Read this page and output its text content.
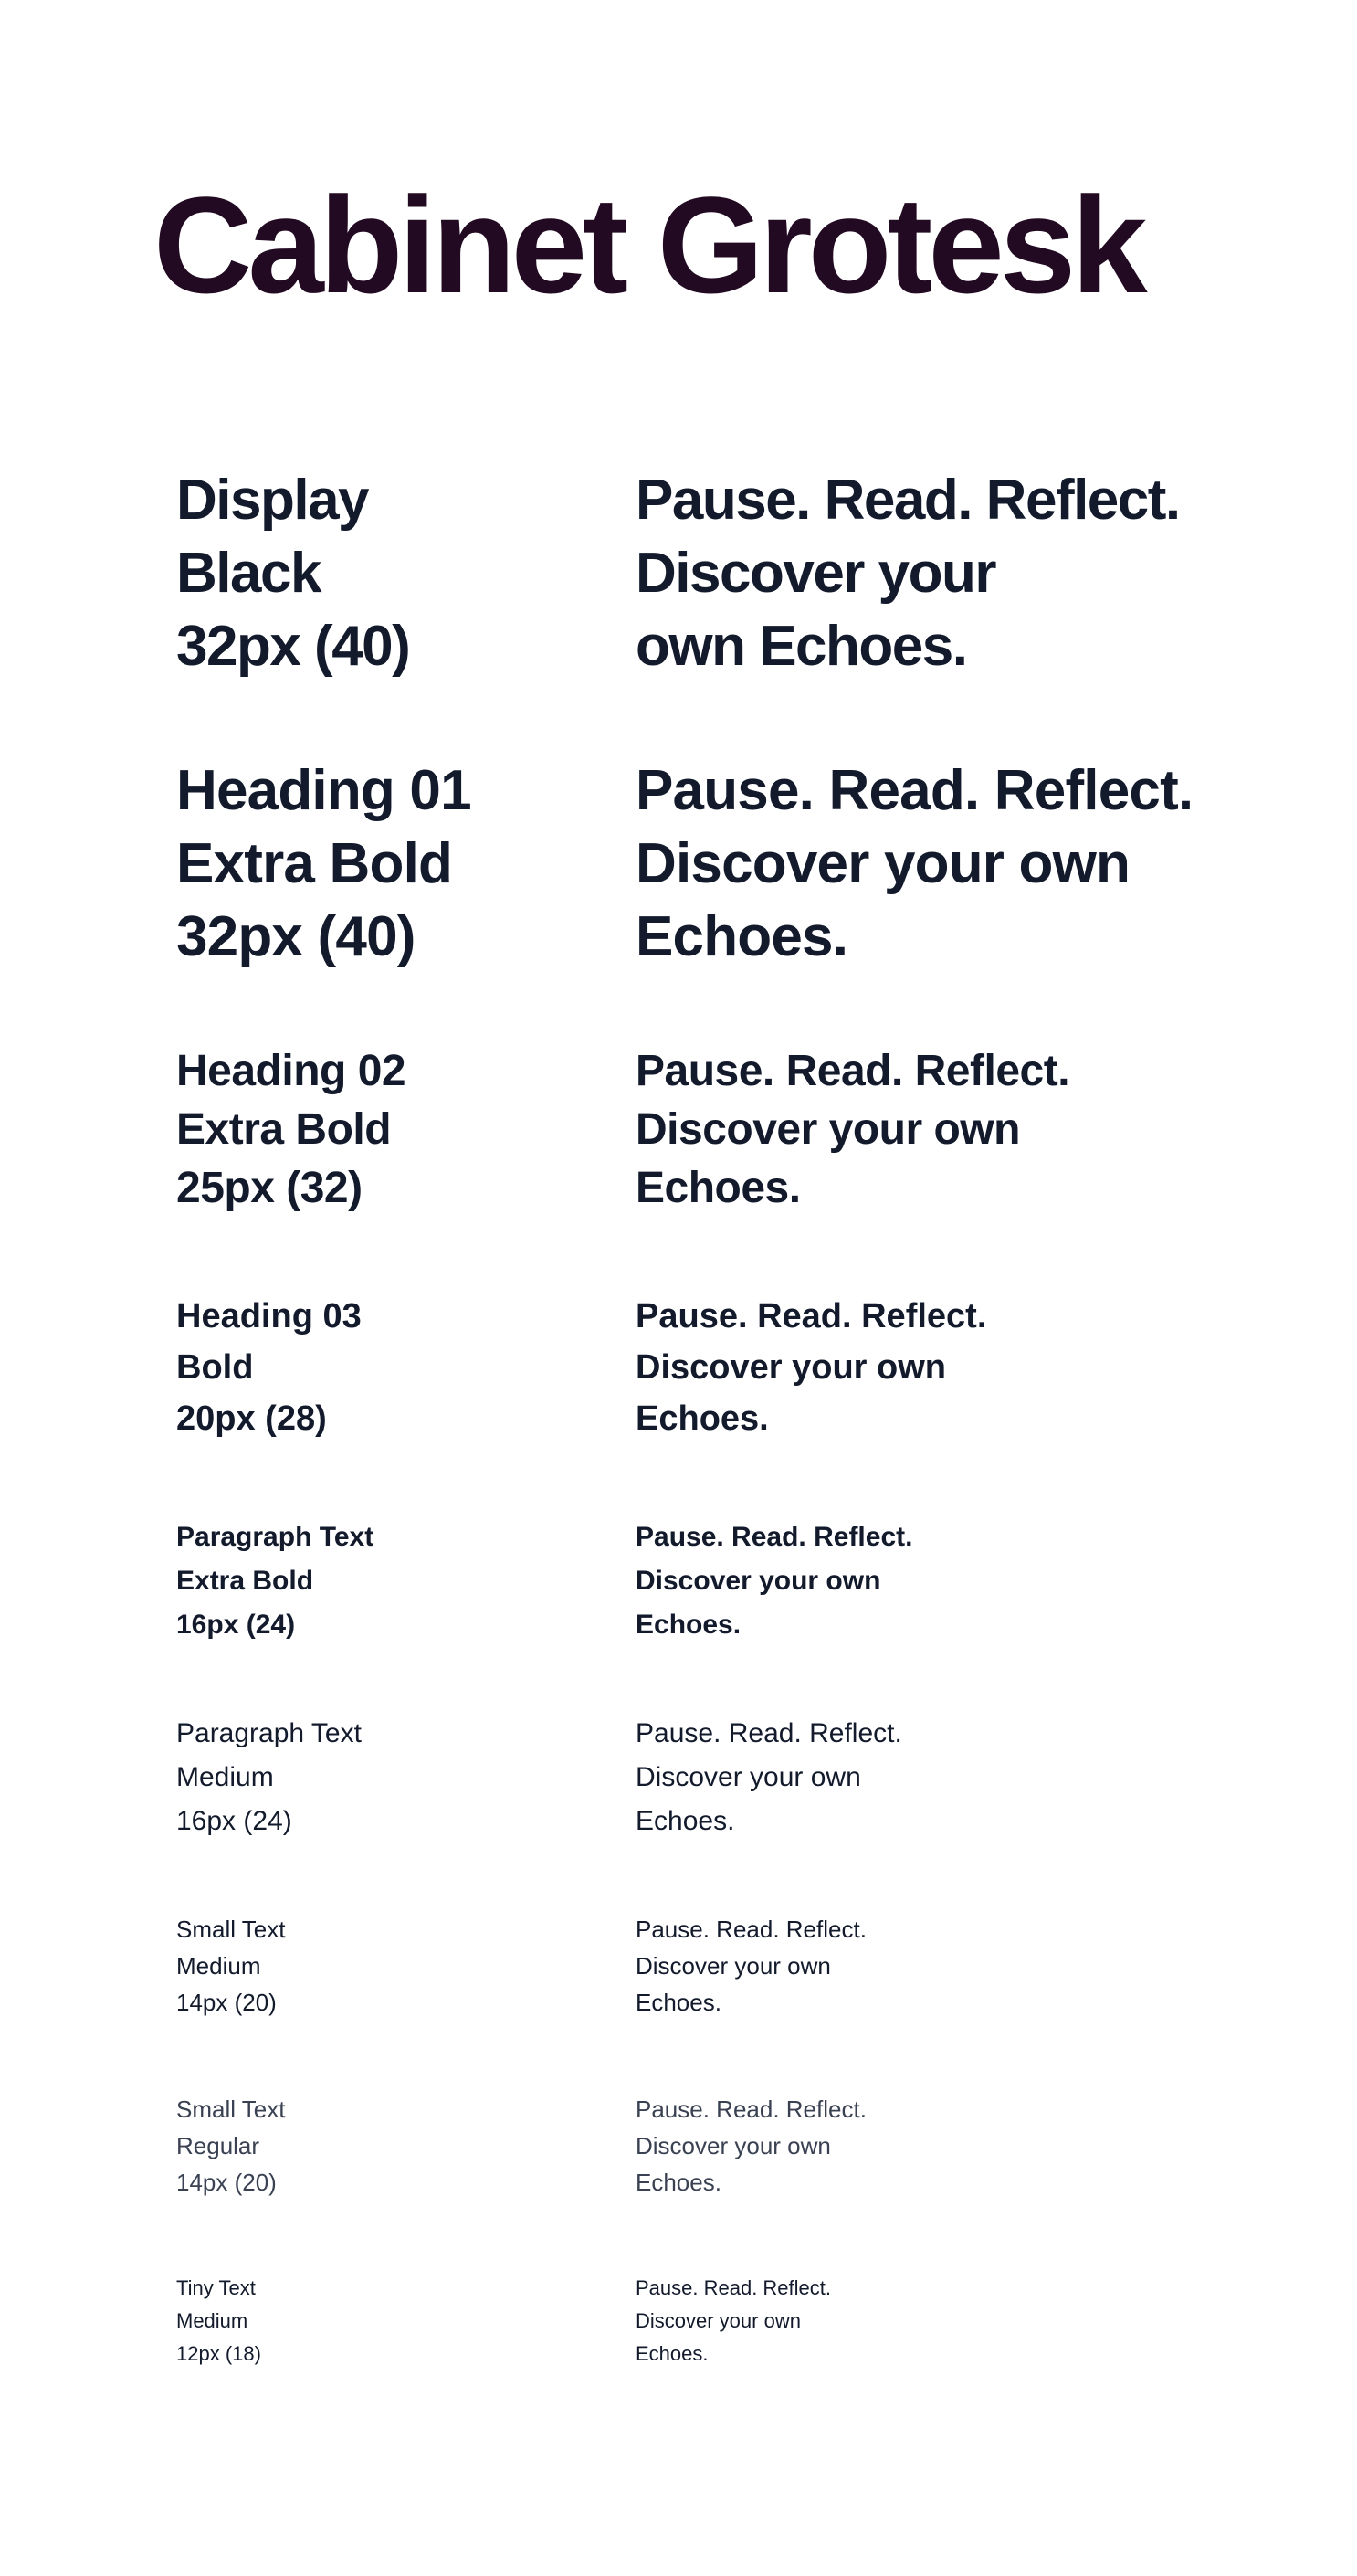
Cabinet Grotesk
Display
Black
32px (40)
Pause. Read. Reflect.
Discover your
own Echoes.
Heading 01
Extra Bold
32px (40)
Pause. Read. Reflect.
Discover your own
Echoes.
Heading 02
Extra Bold
25px (32)
Pause. Read. Reflect.
Discover your own
Echoes.
Heading 03
Bold
20px (28)
Pause. Read. Reflect.
Discover your own
Echoes.
Paragraph Text
Extra Bold
16px (24)
Pause. Read. Reflect.
Discover your own
Echoes.
Paragraph Text
Medium
16px (24)
Pause. Read. Reflect.
Discover your own
Echoes.
Small Text
Medium
14px (20)
Pause. Read. Reflect.
Discover your own
Echoes.
Small Text
Regular
14px (20)
Pause. Read. Reflect.
Discover your own
Echoes.
Tiny Text
Medium
12px (18)
Pause. Read. Reflect.
Discover your own
Echoes.
